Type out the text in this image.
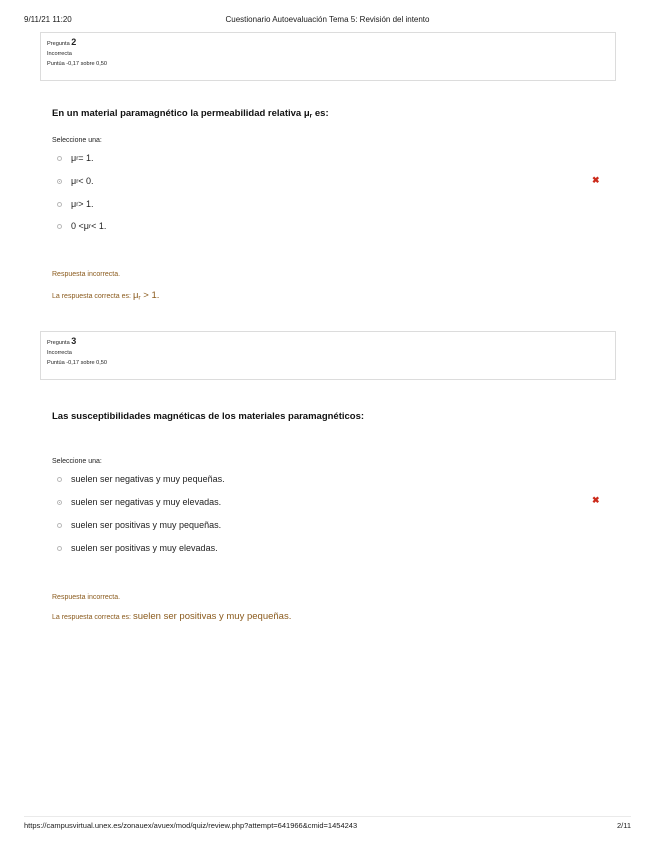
9/11/21 11:20	Cuestionario Autoevaluación Tema 5: Revisión del intento
Pregunta 2
Incorrecta
Puntúa -0,17 sobre 0,50
En un material paramagnético la permeabilidad relativa $\mu_r$ es:
Seleccione una:
μ r = 1.
μ r < 0.	✖
μ r > 1.
0 < μ r < 1.
Respuesta incorrecta.
La respuesta correcta es: $\mu_r > 1$.
Pregunta 3
Incorrecta
Puntúa -0,17 sobre 0,50
Las susceptibilidades magnéticas de los materiales paramagnéticos:
Seleccione una:
suelen ser negativas y muy pequeñas.
suelen ser negativas y muy elevadas.	✖
suelen ser positivas y muy pequeñas.
suelen ser positivas y muy elevadas.
Respuesta incorrecta.
La respuesta correcta es: suelen ser positivas y muy pequeñas.
https://campusvirtual.unex.es/zonauex/avuex/mod/quiz/review.php?attempt=641966&cmid=1454243	2/11
